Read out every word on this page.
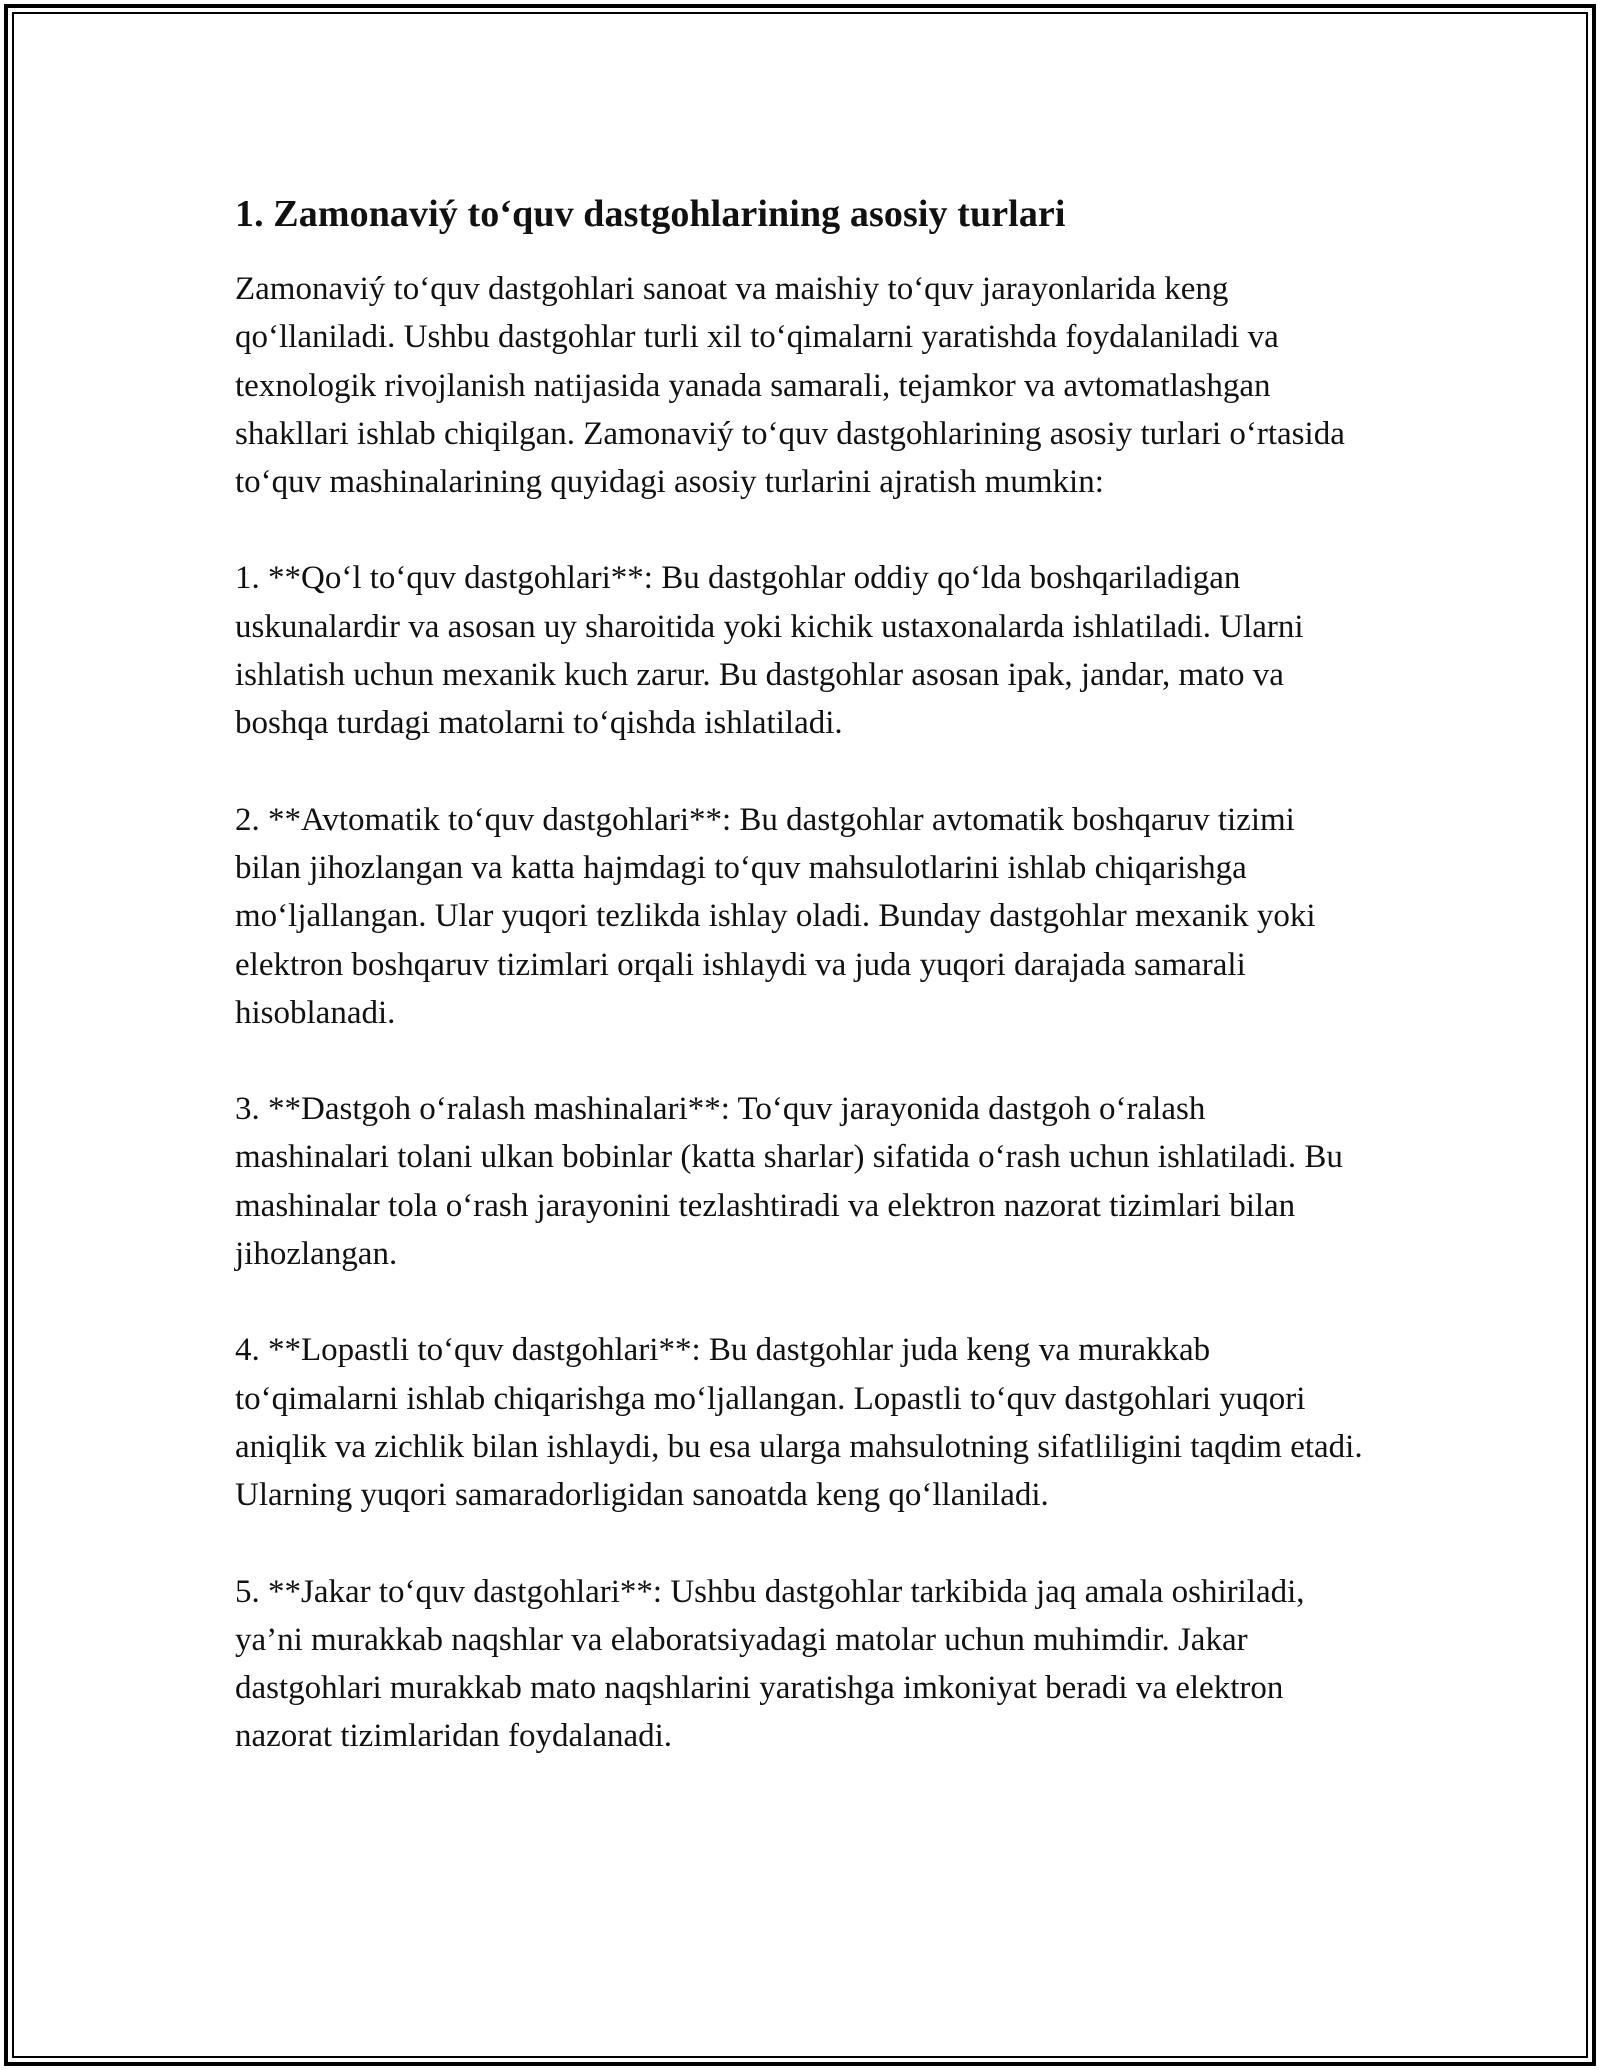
1. Zamonaviý toʻquv dastgohlarining asosiy turlari

Zamonaviý toʻquv dastgohlari sanoat va maishiy toʻquv jarayonlarida keng qoʻllaniladi. Ushbu dastgohlar turli xil toʻqimalarni yaratishda foydalaniladi va texnologik rivojlanish natijasida yanada samarali, tejamkor va avtomatlashgan shakllari ishlab chiqilgan. Zamonaviý toʻquv dastgohlarining asosiy turlari oʻrtasida toʻquv mashinalarining quyidagi asosiy turlarini ajratish mumkin:

1. **Qoʻl toʻquv dastgohlari**: Bu dastgohlar oddiy qoʻlda boshqariladigan uskunalardir va asosan uy sharoitida yoki kichik ustaxonalarda ishlatiladi. Ularni ishlatish uchun mexanik kuch zarur. Bu dastgohlar asosan ipak, jandar, mato va boshqa turdagi matolarni toʻqishda ishlatiladi.

2. **Avtomatik toʻquv dastgohlari**: Bu dastgohlar avtomatik boshqaruv tizimi bilan jihozlangan va katta hajmdagi toʻquv mahsulotlarini ishlab chiqarishga moʻljallangan. Ular yuqori tezlikda ishlay oladi. Bunday dastgohlar mexanik yoki elektron boshqaruv tizimlari orqali ishlaydi va juda yuqori darajada samarali hisoblanadi.

3. **Dastgoh oʻralash mashinalari**: Toʻquv jarayonida dastgoh oʻralash mashinalari tolani ulkan bobinlar (katta sharlar) sifatida oʻrash uchun ishlatiladi. Bu mashinalar tola oʻrash jarayonini tezlashtiradi va elektron nazorat tizimlari bilan jihozlangan.

4. **Lopastli toʻquv dastgohlari**: Bu dastgohlar juda keng va murakkab toʻqimalarni ishlab chiqarishga moʻljallangan. Lopastli toʻquv dastgohlari yuqori aniqlik va zichlik bilan ishlaydi, bu esa ularga mahsulotning sifatliligini taqdim etadi. Ularning yuqori samaradorligidan sanoatda keng qoʻllaniladi.

5. **Jakar toʻquv dastgohlari**: Ushbu dastgohlar tarkibida jaq amala oshiriladi, ya’ni murakkab naqshlar va elaboratsiyadagi matolar uchun muhimdir. Jakar dastgohlari murakkab mato naqshlarini yaratishga imkoniyat beradi va elektron nazorat tizimlaridan foydalanadi.
